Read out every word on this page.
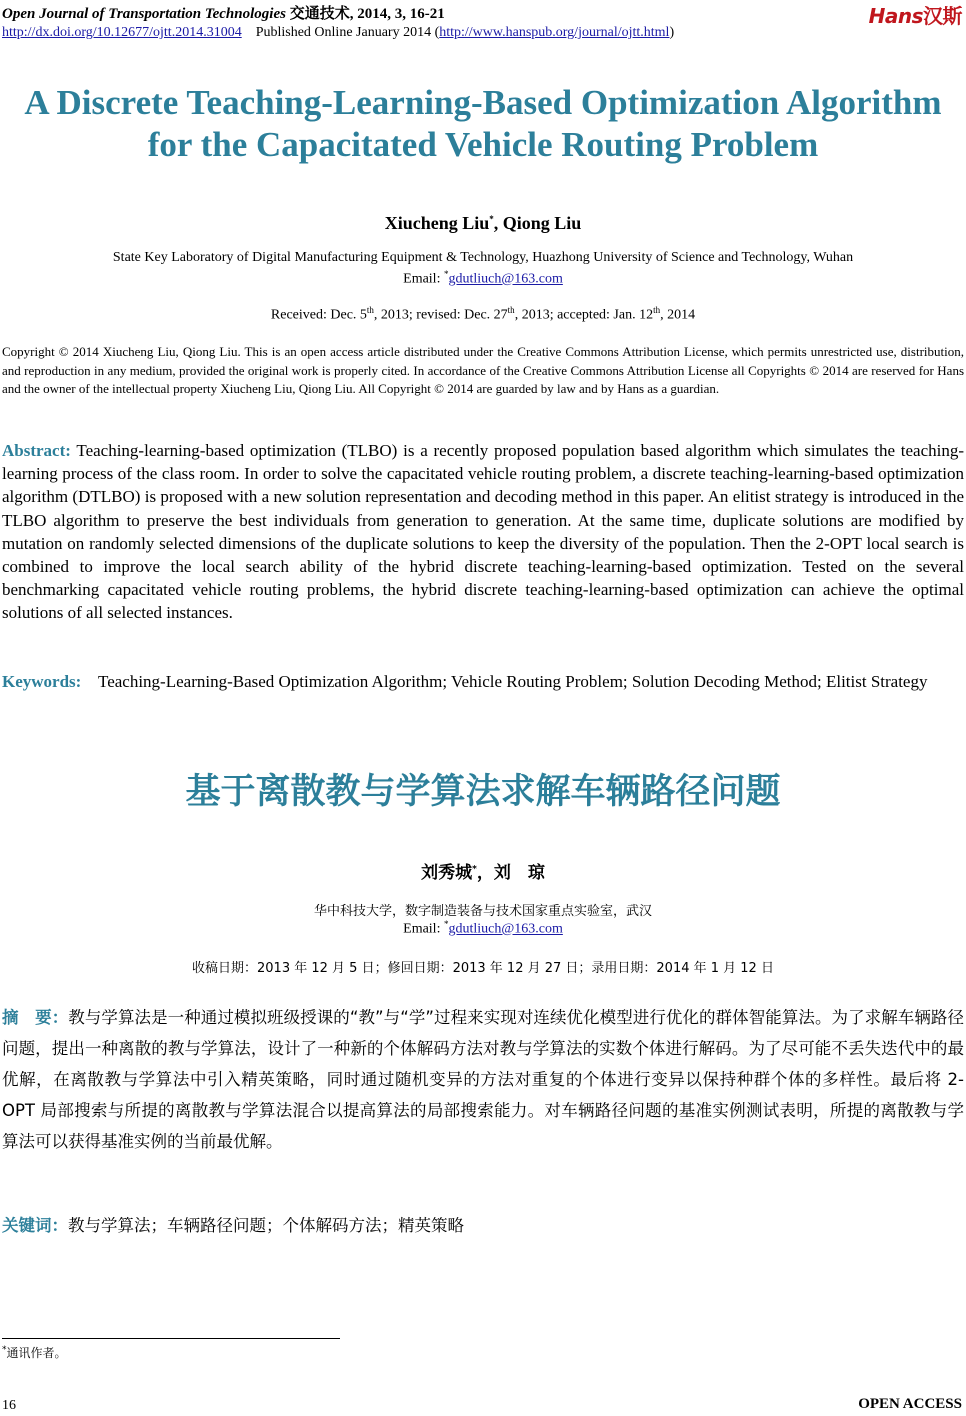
Open Journal of Transportation Technologies 交通技术, 2014, 3, 16-21	Hans汉斯
http://dx.doi.org/10.12677/ojtt.2014.31004 Published Online January 2014 (http://www.hanspub.org/journal/ojtt.html)
A Discrete Teaching-Learning-Based Optimization Algorithm
for the Capacitated Vehicle Routing Problem
Xiucheng Liu*, Qiong Liu
State Key Laboratory of Digital Manufacturing Equipment & Technology, Huazhong University of Science and Technology, Wuhan
Email: *gdutliuch@163.com
Received: Dec. 5th, 2013; revised: Dec. 27th, 2013; accepted: Jan. 12th, 2014
Copyright © 2014 Xiucheng Liu, Qiong Liu. This is an open access article distributed under the Creative Commons Attribution License, which permits unrestricted use, distribution, and reproduction in any medium, provided the original work is properly cited. In accordance of the Creative Commons Attribution License all Copyrights © 2014 are reserved for Hans and the owner of the intellectual property Xiucheng Liu, Qiong Liu. All Copyright © 2014 are guarded by law and by Hans as a guardian.
Abstract: Teaching-learning-based optimization (TLBO) is a recently proposed population based algorithm which simulates the teaching-learning process of the class room. In order to solve the capacitated vehicle routing problem, a discrete teaching-learning-based optimization algorithm (DTLBO) is proposed with a new solution representation and decoding method in this paper. An elitist strategy is introduced in the TLBO algorithm to preserve the best individuals from generation to generation. At the same time, duplicate solutions are modified by mutation on randomly selected dimensions of the duplicate solutions to keep the diversity of the population. Then the 2-OPT local search is combined to improve the local search ability of the hybrid discrete teaching-learning-based optimization. Tested on the several benchmarking capacitated vehicle routing problems, the hybrid discrete teaching-learning-based optimization can achieve the optimal solutions of all selected instances.
Keywords: Teaching-Learning-Based Optimization Algorithm; Vehicle Routing Problem; Solution Decoding Method; Elitist Strategy
基于离散教与学算法求解车辆路径问题
刘秀城*，刘　琼
华中科技大学，数字制造装备与技术国家重点实验室，武汉
Email: *gdutliuch@163.com
收稿日期：2013 年 12 月 5 日；修回日期：2013 年 12 月 27 日；录用日期：2014 年 1 月 12 日
摘　要：教与学算法是一种通过模拟班级授课的“教”与“学”过程来实现对连续优化模型进行优化的群体智能算法。为了求解车辆路径问题，提出一种离散的教与学算法，设计了一种新的个体解码方法对教与学算法的实数个体进行解码。为了尽可能不丢失迭代中的最优解，在离散教与学算法中引入精英策略，同时通过随机变异的方法对重复的个体进行变异以保持种群个体的多样性。最后将 2-OPT 局部搜索与所提的离散教与学算法混合以提高算法的局部搜索能力。对车辆路径问题的基准实例测试表明，所提的离散教与学算法可以获得基准实例的当前最优解。
关键词：教与学算法；车辆路径问题；个体解码方法；精英策略
*通讯作者。
16	OPEN ACCESS
